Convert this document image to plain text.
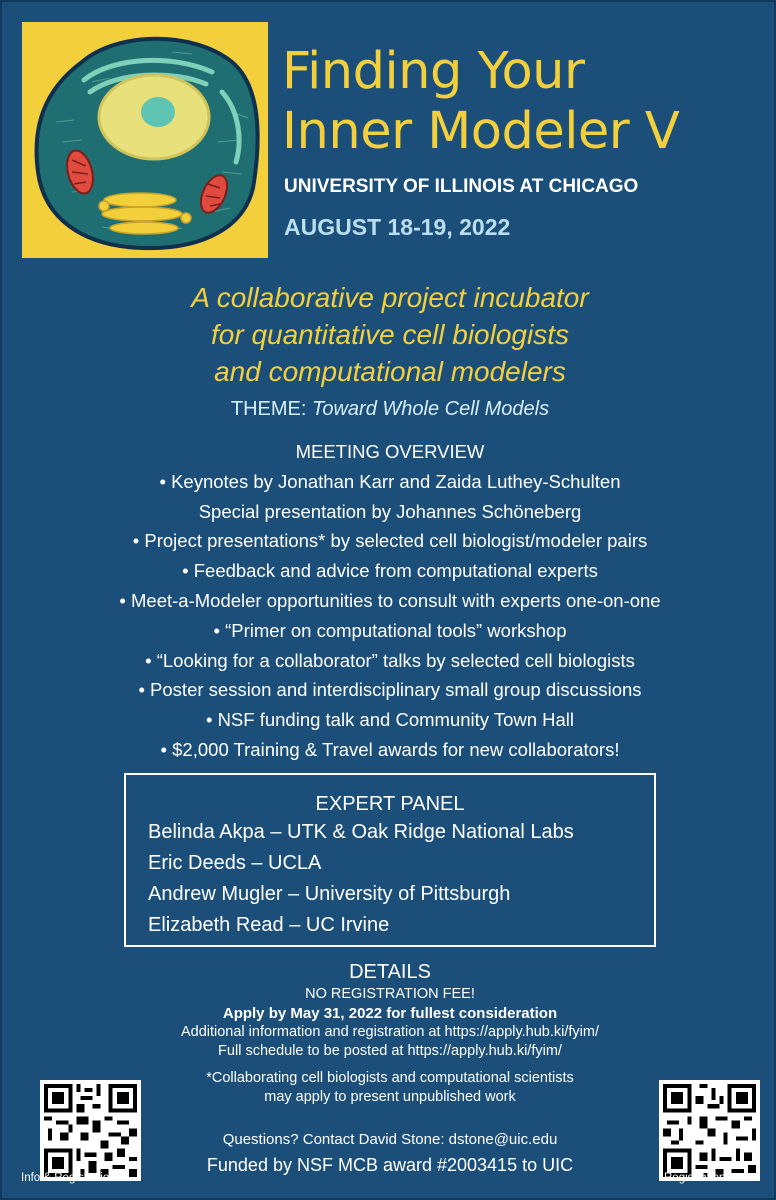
Finding Your
Inner Modeler V
UNIVERSITY OF ILLINOIS AT CHICAGO
AUGUST 18-19, 2022
A collaborative project incubator
for quantitative cell biologists
and computational modelers
THEME: Toward Whole Cell Models
MEETING OVERVIEW
• Keynotes by Jonathan Karr and Zaida Luthey-Schulten
Special presentation by Johannes Schöneberg
• Project presentations* by selected cell biologist/modeler pairs
• Feedback and advice from computational experts
• Meet-a-Modeler opportunities to consult with experts one-on-one
• “Primer on computational tools” workshop
• “Looking for a collaborator” talks by selected cell biologists
• Poster session and interdisciplinary small group discussions
• NSF funding talk and Community Town Hall
• $2,000 Training & Travel awards for new collaborators!
EXPERT PANEL
Belinda Akpa – UTK & Oak Ridge National Labs
Eric Deeds – UCLA
Andrew Mugler – University of Pittsburgh
Elizabeth Read – UC Irvine
DETAILS
NO REGISTRATION FEE!
Apply by May 31, 2022 for fullest consideration
Additional information and registration at https://apply.hub.ki/fyim/
Full schedule to be posted at https://apply.hub.ki/fyim/
*Collaborating cell biologists and computational scientists
may apply to present unpublished work
Questions? Contact David Stone: dstone@uic.edu
Funded by NSF MCB award #2003415 to UIC
Info & Registration	Registration
